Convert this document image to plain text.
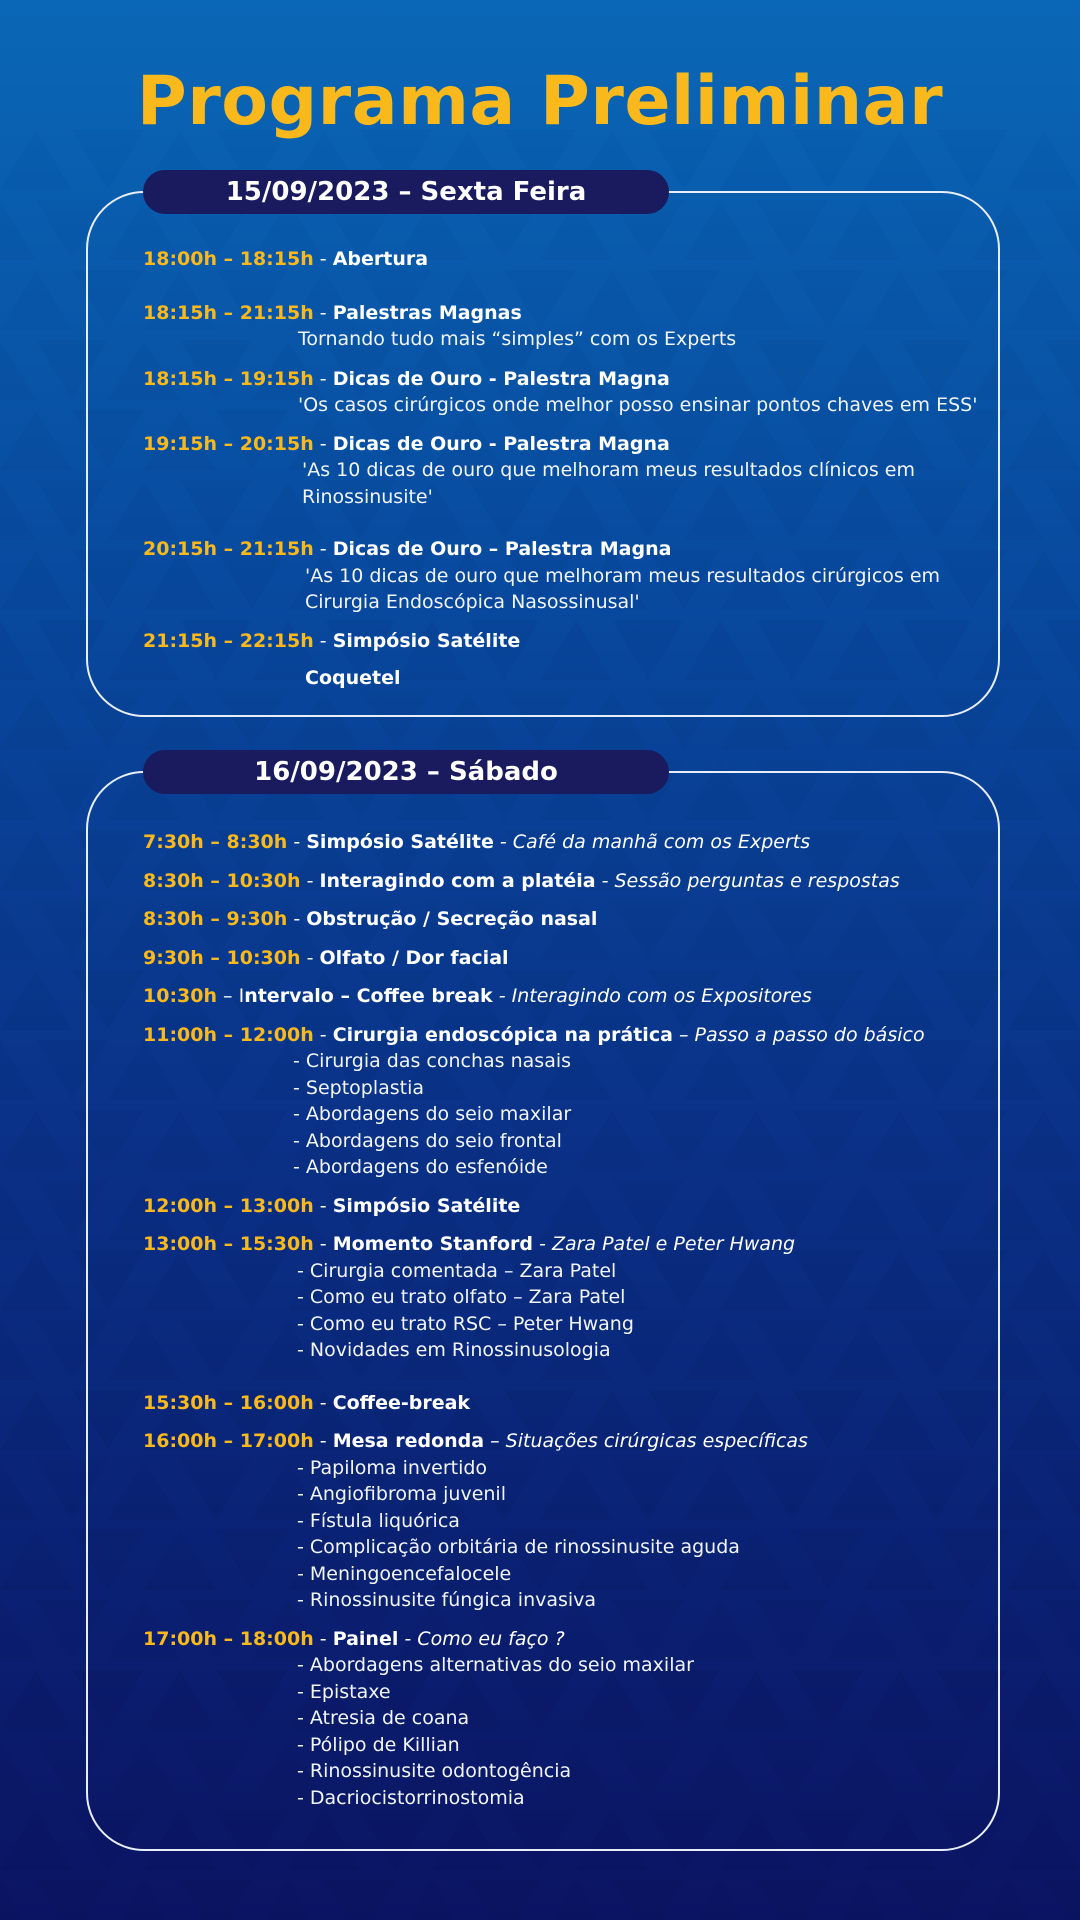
Programa Preliminar
15/09/2023 – Sexta Feira
18:00h – 18:15h - Abertura
18:15h – 21:15h - Palestras Magnas
Tornando tudo mais “simples” com os Experts
18:15h – 19:15h - Dicas de Ouro - Palestra Magna
'Os casos cirúrgicos onde melhor posso ensinar pontos chaves em ESS'
19:15h – 20:15h - Dicas de Ouro - Palestra Magna
'As 10 dicas de ouro que melhoram meus resultados clínicos em
Rinossinusite'
20:15h – 21:15h - Dicas de Ouro – Palestra Magna
'As 10 dicas de ouro que melhoram meus resultados cirúrgicos em
Cirurgia Endoscópica Nasossinusal'
21:15h – 22:15h - Simpósio Satélite
Coquetel
16/09/2023 – Sábado
7:30h – 8:30h - Simpósio Satélite - Café da manhã com os Experts
8:30h – 10:30h - Interagindo com a platéia - Sessão perguntas e respostas
8:30h – 9:30h - Obstrução / Secreção nasal
9:30h – 10:30h - Olfato / Dor facial
10:30h – Intervalo – Coffee break - Interagindo com os Expositores
11:00h – 12:00h - Cirurgia endoscópica na prática – Passo a passo do básico
- Cirurgia das conchas nasais
- Septoplastia
- Abordagens do seio maxilar
- Abordagens do seio frontal
- Abordagens do esfenóide
12:00h – 13:00h - Simpósio Satélite
13:00h – 15:30h - Momento Stanford - Zara Patel e Peter Hwang
- Cirurgia comentada – Zara Patel
- Como eu trato olfato – Zara Patel
- Como eu trato RSC – Peter Hwang
- Novidades em Rinossinusologia
15:30h – 16:00h - Coffee-break
16:00h – 17:00h - Mesa redonda – Situações cirúrgicas específicas
- Papiloma invertido
- Angiofibroma juvenil
- Fístula liquórica
- Complicação orbitária de rinossinusite aguda
- Meningoencefalocele
- Rinossinusite fúngica invasiva
17:00h – 18:00h - Painel - Como eu faço ?
- Abordagens alternativas do seio maxilar
- Epistaxe
- Atresia de coana
- Pólipo de Killian
- Rinossinusite odontogência
- Dacriocistorrinostomia
